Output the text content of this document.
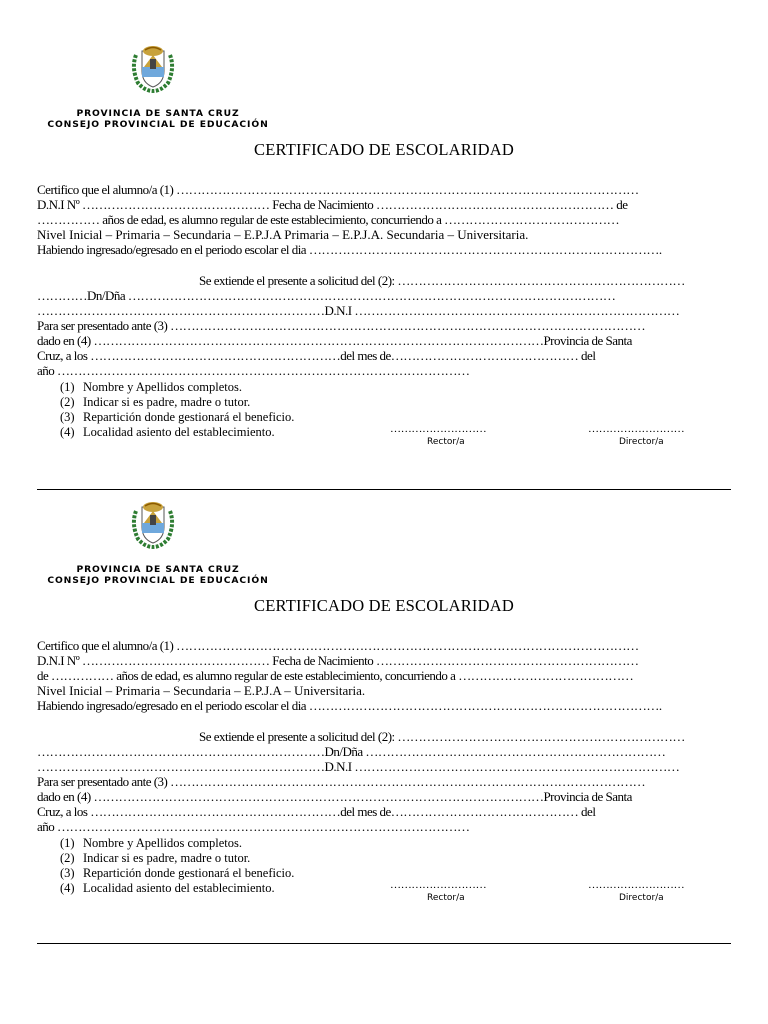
PROVINCIA DE SANTA CRUZ
CONSEJO PROVINCIAL DE EDUCACIÓN
CERTIFICADO DE ESCOLARIDAD
Certifico que el alumno/a (1) …………………………………………………………………………………………………
D.N.I Nº ……………………………………… Fecha de Nacimiento ………………………………………………… de
…………… años de edad, es alumno regular de este establecimiento, concurriendo a ……………………………………
Nivel Inicial – Primaria – Secundaria – E.P.J.A Primaria – E.P.J.A. Secundaria – Universitaria.
Habiendo ingresado/egresado en el periodo escolar el dia ………………………………………………………………………….
Se extiende el presente a solicitud del (2): ……………………………………………………………
…………Dn/Dña ………………………………………………………………………………………………………
……………………………………………………………D.N.I ……………………………………………………………………
Para ser presentado ante (3) ……………………………………………………………………………………………………
dado en (4) ………………………………………………………………………………………………Provincia de Santa
Cruz, a los ……………………………………………………del mes de……………………………………… del
año ………………………………………………………………………………………
(1) Nombre y Apellidos completos.
(2) Indicar si es padre, madre o tutor.
(3) Repartición donde gestionará el beneficio.
(4) Localidad asiento del establecimiento.	………………………	………………………
Rector/a	Director/a
PROVINCIA DE SANTA CRUZ
CONSEJO PROVINCIAL DE EDUCACIÓN
CERTIFICADO DE ESCOLARIDAD
Certifico que el alumno/a (1) …………………………………………………………………………………………………
D.N.I Nº ……………………………………… Fecha de Nacimiento ………………………………………………………
de …………… años de edad, es alumno regular de este establecimiento, concurriendo a ……………………………………
Nivel Inicial – Primaria – Secundaria – E.P.J.A – Universitaria.
Habiendo ingresado/egresado en el periodo escolar el dia ………………………………………………………………………….
Se extiende el presente a solicitud del (2): ……………………………………………………………
……………………………………………………………Dn/Dña ………………………………………………………………
……………………………………………………………D.N.I ……………………………………………………………………
Para ser presentado ante (3) ……………………………………………………………………………………………………
dado en (4) ………………………………………………………………………………………………Provincia de Santa
Cruz, a los ……………………………………………………del mes de……………………………………… del
año ………………………………………………………………………………………
(1) Nombre y Apellidos completos.
(2) Indicar si es padre, madre o tutor.
(3) Repartición donde gestionará el beneficio.
(4) Localidad asiento del establecimiento.	………………………	………………………
Rector/a	Director/a
